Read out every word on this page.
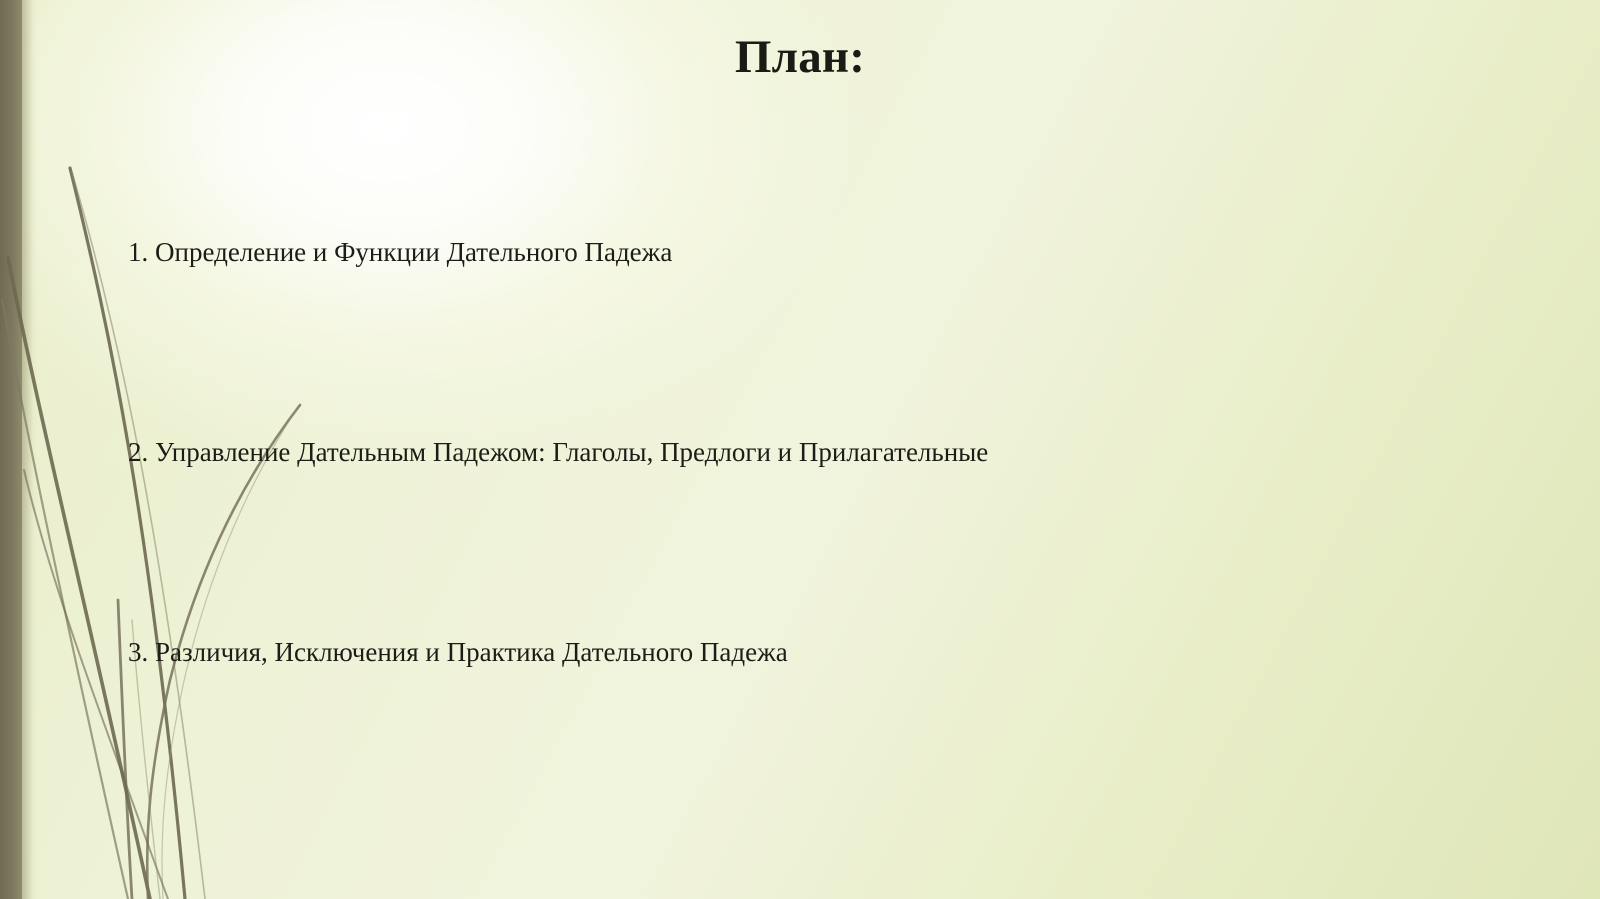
План:
1. Определение и Функции Дательного Падежа
2. Управление Дательным Падежом: Глаголы, Предлоги и Прилагательные
3. Различия, Исключения и Практика Дательного Падежа
